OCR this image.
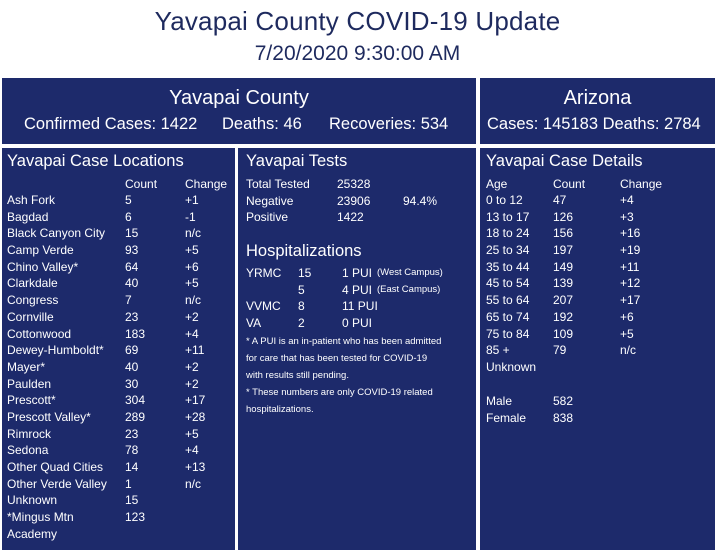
Yavapai County COVID-19 Update
7/20/2020 9:30:00 AM
Yavapai County
Confirmed Cases: 1422 Deaths: 46 Recoveries: 534
Arizona
Cases: 145183 Deaths: 2784
Yavapai Case Locations
Count Change
Ash Fork	5	+1
Bagdad	6	-1
Black Canyon City 15	n/c
Camp Verde	93	+5
Chino Valley*	64	+6
Clarkdale	40	+5
Congress	7	n/c
Cornville	23	+2
Cottonwood	183	+4
Dewey-Humboldt* 69	+11
Mayer*	40	+2
Paulden	30	+2
Prescott*	304	+17
Prescott Valley*	289	+28
Rimrock	23	+5
Sedona	78	+4
Other Quad Cities 14	+13
Other Verde Valley 1	n/c
Unknown	15
*Mingus Mtn	123
Academy
Yavapai Tests
Total Tested 25328
Negative	23906	94.4%
Positive	1422
Hospitalizations
YRMC 15	1 PUI (West Campus)
5	4 PUI (East Campus)
VVMC 8	11 PUI
VA	2	0 PUI
* A PUI is an in-patient who has been admitted
for care that has been tested for COVID-19
with results still pending.
* These numbers are only COVID-19 related
hospitalizations.
Yavapai Case Details
Age	Count	Change
0 to 12	47	+4
13 to 17 126	+3
18 to 24 156	+16
25 to 34 197	+19
35 to 44 149	+11
45 to 54 139	+12
55 to 64 207	+17
65 to 74 192	+6
75 to 84 109	+5
85 +	79	n/c
Unknown
Male	582
Female 838
